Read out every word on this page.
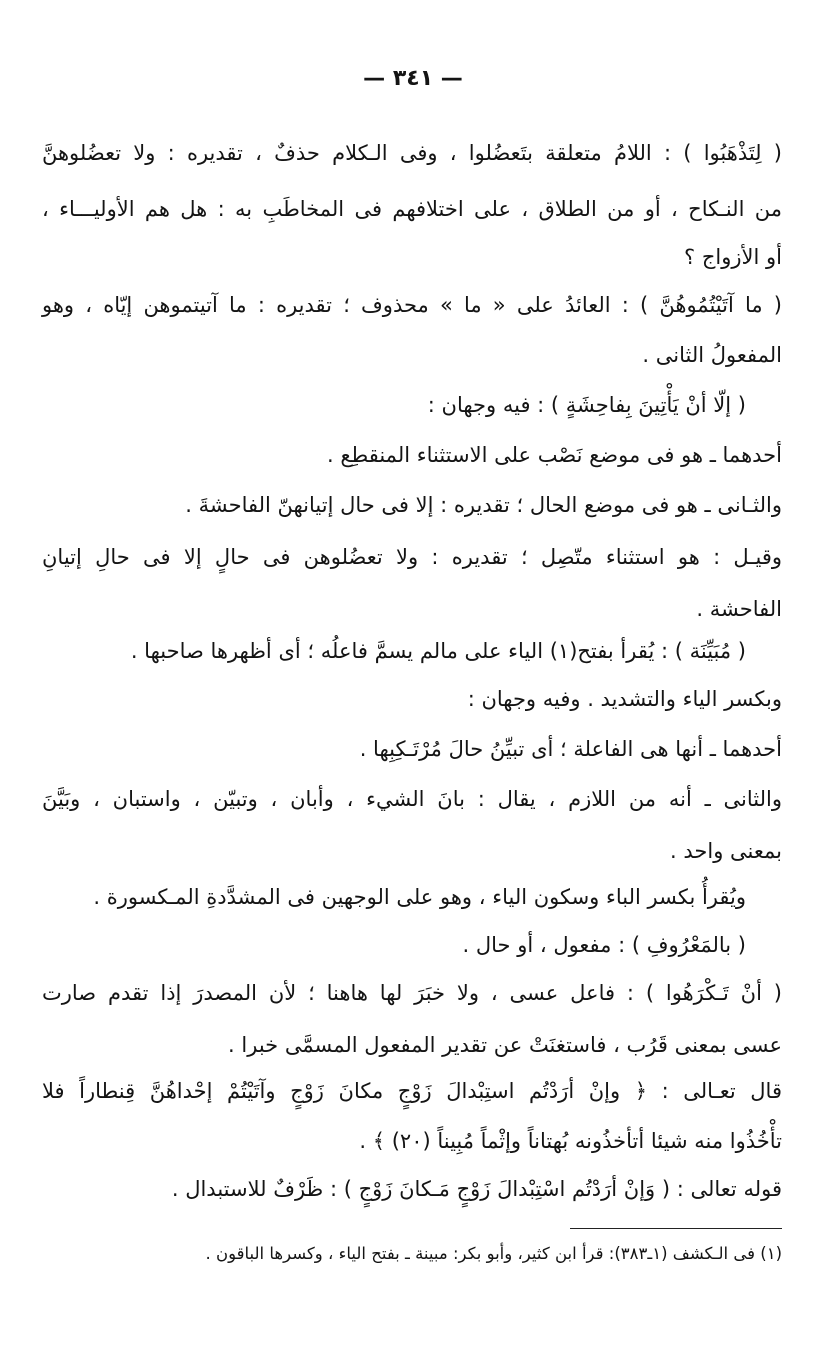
— ٣٤١ —
( لِتَذْهَبُوا ) : اللامُ متعلقة بتَعضُلوا ، وفى الـكلام حذفٌ ، تقديره : ولا تعضُلوهنَّ
من النـكاح ، أو من الطلاق ، على اختلافهم فى المخاطَبِ به : هل هم الأوليـــاء ،
أو الأزواج ؟
( ما آتَيْتُمُوهُنَّ ) : العائدُ على « ما » محذوف ؛ تقديره : ما آتيتموهن إيّاه ، وهو
المفعولُ الثانى .
( إلّا أنْ يَأْتِينَ بِفاحِشَةٍ ) : فيه وجهان :
أحدهما ـ هو فى موضع نَصْب على الاستثناء المنقطِع .
والثـانى ـ هو فى موضع الحال ؛ تقديره : إلا فى حال إتيانهنّ الفاحشةَ .
وقيـل : هو استثناء متّصِل ؛ تقديره : ولا تعضُلوهن فى حالٍ إلا فى حالِ إتيانِ
الفاحشة .
( مُبَيِّنَة ) : يُقرأ بفتح(١) الياء على مالم يسمَّ فاعلُه ؛ أى أظهرها صاحبها .
وبكسر الياء والتشديد . وفيه وجهان :
أحدهما ـ أنها هى الفاعلة ؛ أى تبيِّنُ حالَ مُرْتَـكِبِها .
والثانى ـ أنه من اللازم ، يقال : بانَ الشيء ، وأبان ، وتبيّن ، واستبان ، وبَيَّنَ
بمعنى واحد .
ويُقرأُ بكسر الباء وسكون الياء ، وهو على الوجهين فى المشدَّدةِ المـكسورة .
( بالمَعْرُوفِ ) : مفعول ، أو حال .
( أنْ تَـكْرَهُوا ) : فاعل عسى ، ولا خبَرَ لها هاهنا ؛ لأن المصدرَ إذا تقدم صارت
عسى بمعنى قَرُب ، فاستغنَتْ عن تقدير المفعول المسمَّى خبرا .
قال تعـالى : ﴿ وإنْ أرَدْتُم استِبْدالَ زَوْجٍ مكانَ زَوْجٍ وآتَيْتُمْ إحْداهُنَّ قِنطاراً فلا
تأْخُذُوا منه شيئا أتأخذُونه بُهتاناً وإثْماً مُبِيناً (٢٠) ﴾ .
قوله تعالى : ( وَإنْ أرَدْتُم اسْتِبْدالَ زَوْجٍ مَـكانَ زَوْجٍ ) : ظَرْفٌ للاستبدال .
(١) فى الـكشف (١ـ٣٨٣): قرأ ابن كثير، وأبو بكر: مبينة ـ بفتح الياء ، وكسرها الباقون .
